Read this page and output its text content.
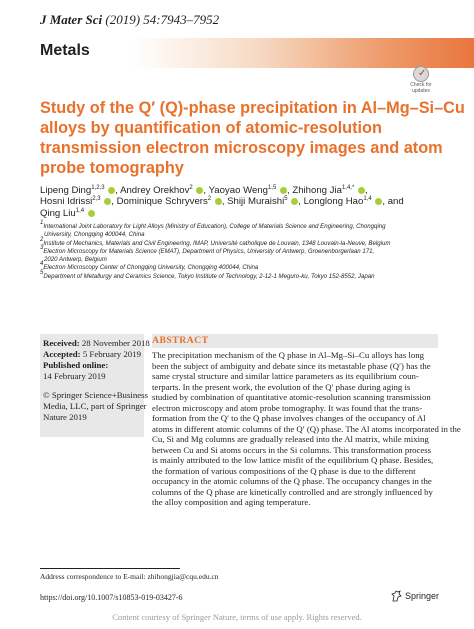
J Mater Sci (2019) 54:7943–7952
Metals
✓
Check for
updates
Study of the Q′ (Q)-phase precipitation in Al–Mg–Si–Cu
alloys by quantification of atomic-resolution
transmission electron microscopy images and atom
probe tomography
Lipeng Ding$^{1,2,3}$ , Andrey Orekhov$^2$ , Yaoyao Weng$^{1,5}$ , Zhihong Jia$^{1,4,*}$ ,
Hosni Idrissi$^{2,3}$ , Dominique Schryvers$^2$ , Shiji Muraishi$^5$ , Longlong Hao$^{1,4}$ , and
Qing Liu$^{1,4}$
$^1$International Joint Laboratory for Light Alloys (Ministry of Education), College of Materials Science and Engineering, Chongqing
University, Chongqing 400044, China
$^2$Institute of Mechanics, Materials and Civil Engineering, IMAP, Université catholique de Louvain, 1348 Louvain-la-Neuve, Belgium
$^3$Electron Microscopy for Materials Science (EMAT), Department of Physics, University of Antwerp, Groenenborgerlaan 171,
2020 Antwerp, Belgium
$^4$Electron Microscopy Center of Chongqing University, Chongqing 400044, China
$^5$Department of Metallurgy and Ceramics Science, Tokyo Institute of Technology, 2-12-1 Meguro-ku, Tokyo 152-8552, Japan
Received: 28 November 2018
Accepted: 5 February 2019
Published online:
14 February 2019
© Springer Science+Business
Media, LLC, part of Springer
Nature 2019
ABSTRACT
The precipitation mechanism of the Q phase in Al–Mg–Si–Cu alloys has long
been the subject of ambiguity and debate since its metastable phase (Q′) has the
same crystal structure and similar lattice parameters as its equilibrium coun-
terparts. In the present work, the evolution of the Q′ phase during aging is
studied by combination of quantitative atomic-resolution scanning transmission
electron microscopy and atom probe tomography. It was found that the trans-
formation from the Q′ to the Q phase involves changes of the occupancy of Al
atoms in different atomic columns of the Q′ (Q) phase. The Al atoms incorporated in the
Cu, Si and Mg columns are gradually released into the Al matrix, while mixing
between Cu and Si atoms occurs in the Si columns. This transformation process
is mainly attributed to the low lattice misfit of the equilibrium Q phase. Besides,
the formation of various compositions of the Q phase is due to the different
occupancy in the atomic columns of the Q phase. The occupancy changes in the
columns of the Q phase are kinetically controlled and are strongly influenced by
the alloy composition and aging temperature.
Address correspondence to E-mail: zhihongjia@cqu.edu.cn
https://doi.org/10.1007/s10853-019-03427-6	Springer
Content courtesy of Springer Nature, terms of use apply. Rights reserved.
